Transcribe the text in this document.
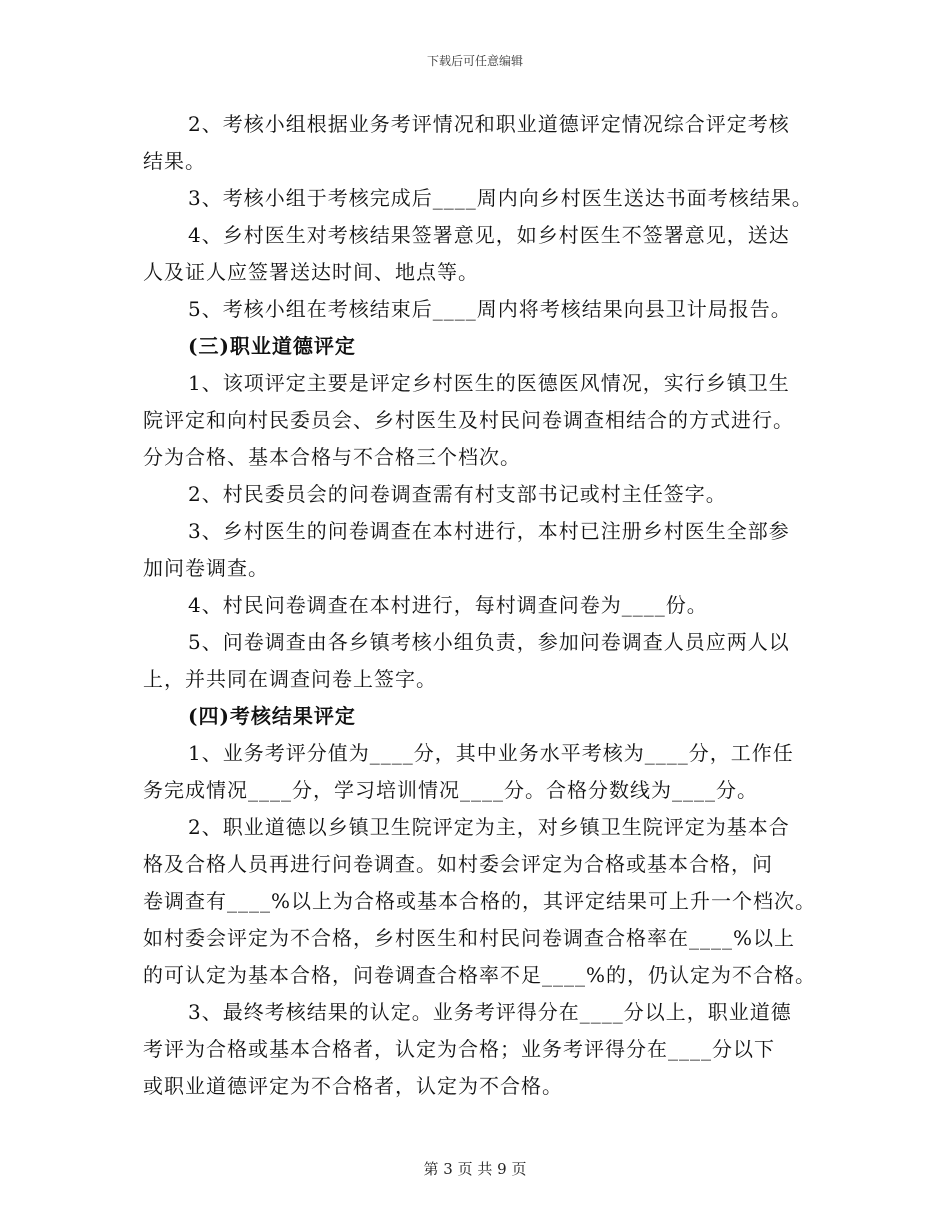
下载后可任意编辑

2、考核小组根据业务考评情况和职业道德评定情况综合评定考核
结果。

3、考核小组于考核完成后____周内向乡村医生送达书面考核结果。

4、乡村医生对考核结果签署意见，如乡村医生不签署意见，送达
人及证人应签署送达时间、地点等。

5、考核小组在考核结束后____周内将考核结果向县卫计局报告。

(三)职业道德评定

1、该项评定主要是评定乡村医生的医德医风情况，实行乡镇卫生
院评定和向村民委员会、乡村医生及村民问卷调查相结合的方式进行。
分为合格、基本合格与不合格三个档次。

2、村民委员会的问卷调查需有村支部书记或村主任签字。

3、乡村医生的问卷调查在本村进行，本村已注册乡村医生全部参
加问卷调查。

4、村民问卷调查在本村进行，每村调查问卷为____份。

5、问卷调查由各乡镇考核小组负责，参加问卷调查人员应两人以
上，并共同在调查问卷上签字。

(四)考核结果评定

1、业务考评分值为____分，其中业务水平考核为____分，工作任
务完成情况____分，学习培训情况____分。合格分数线为____分。

2、职业道德以乡镇卫生院评定为主，对乡镇卫生院评定为基本合
格及合格人员再进行问卷调查。如村委会评定为合格或基本合格，问
卷调查有____%以上为合格或基本合格的，其评定结果可上升一个档次。
如村委会评定为不合格，乡村医生和村民问卷调查合格率在____%以上
的可认定为基本合格，问卷调查合格率不足____%的，仍认定为不合格。

3、最终考核结果的认定。业务考评得分在____分以上，职业道德
考评为合格或基本合格者，认定为合格；业务考评得分在____分以下
或职业道德评定为不合格者，认定为不合格。

第 3 页 共 9 页
